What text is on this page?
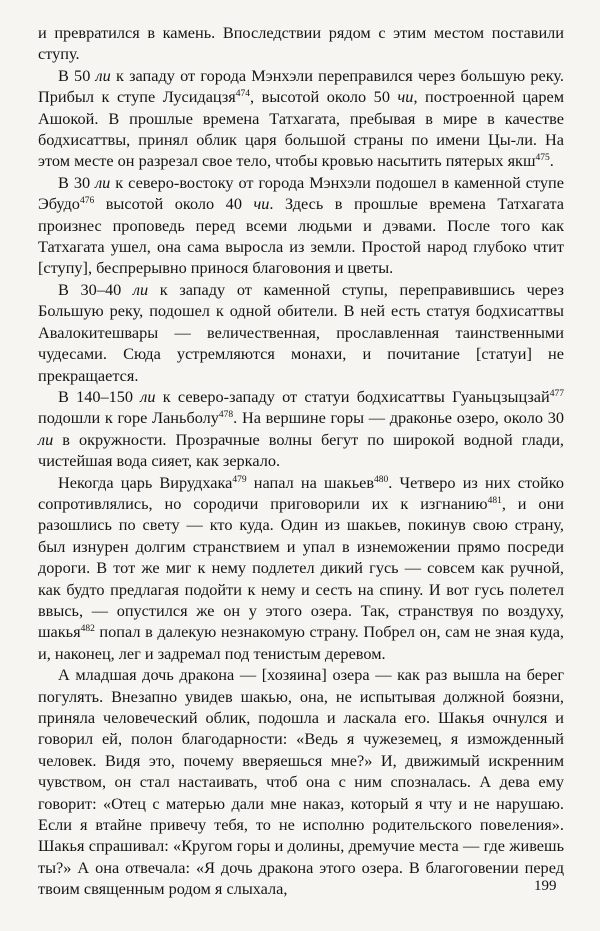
и превратился в камень. Впоследствии рядом с этим местом поставили ступу.

В 50 ли к западу от города Мэнхэли переправился через большую реку. Прибыл к ступе Лусидацзя$^{474}$, высотой около 50 чи, построенной царем Ашокой. В прошлые времена Татхагата, пребывая в мире в качестве бодхисаттвы, принял облик царя большой страны по имени Цы-ли. На этом месте он разрезал свое тело, чтобы кровью насытить пятерых якш$^{475}$.

В 30 ли к северо-востоку от города Мэнхэли подошел в каменной ступе Эбудо$^{476}$ высотой около 40 чи. Здесь в прошлые времена Татхагата произнес проповедь перед всеми людьми и дэвами. После того как Татхагата ушел, она сама выросла из земли. Простой народ глубоко чтит [ступу], беспрерывно принося благовония и цветы.

В 30–40 ли к западу от каменной ступы, переправившись через Большую реку, подошел к одной обители. В ней есть статуя бодхисаттвы Авалокитешвары — величественная, прославленная таинственными чудесами. Сюда устремляются монахи, и почитание [статуи] не прекращается.

В 140–150 ли к северо-западу от статуи бодхисаттвы Гуаньцзыцзай$^{477}$ подошли к горе Ланьболу$^{478}$. На вершине горы — драконье озеро, около 30 ли в окружности. Прозрачные волны бегут по широкой водной глади, чистейшая вода сияет, как зеркало.

Некогда царь Вирудхака$^{479}$ напал на шакьев$^{480}$. Четверо из них стойко сопротивлялись, но сородичи приговорили их к изгнанию$^{481}$, и они разошлись по свету — кто куда. Один из шакьев, покинув свою страну, был изнурен долгим странствием и упал в изнеможении прямо посреди дороги. В тот же миг к нему подлетел дикий гусь — совсем как ручной, как будто предлагая подойти к нему и сесть на спину. И вот гусь полетел ввысь, — опустился же он у этого озера. Так, странствуя по воздуху, шакья$^{482}$ попал в далекую незнакомую страну. Побрел он, сам не зная куда, и, наконец, лег и задремал под тенистым деревом.

А младшая дочь дракона — [хозяина] озера — как раз вышла на берег погулять. Внезапно увидев шакью, она, не испытывая должной боязни, приняла человеческий облик, подошла и ласкала его. Шакья очнулся и говорил ей, полон благодарности: «Ведь я чужеземец, я изможденный человек. Видя это, почему вверяешься мне?» И, движимый искренним чувством, он стал настаивать, чтоб она с ним спознaлась. А дева ему говорит: «Отец с матерью дали мне наказ, который я чту и не нарушаю. Если я втайне привечу тебя, то не исполню родительского повеления». Шакья спрашивал: «Кругом горы и долины, дремучие места — где живешь ты?» А она отвечала: «Я дочь дракона этого озера. В благоговении перед твоим священным родом я слыхала,	199
